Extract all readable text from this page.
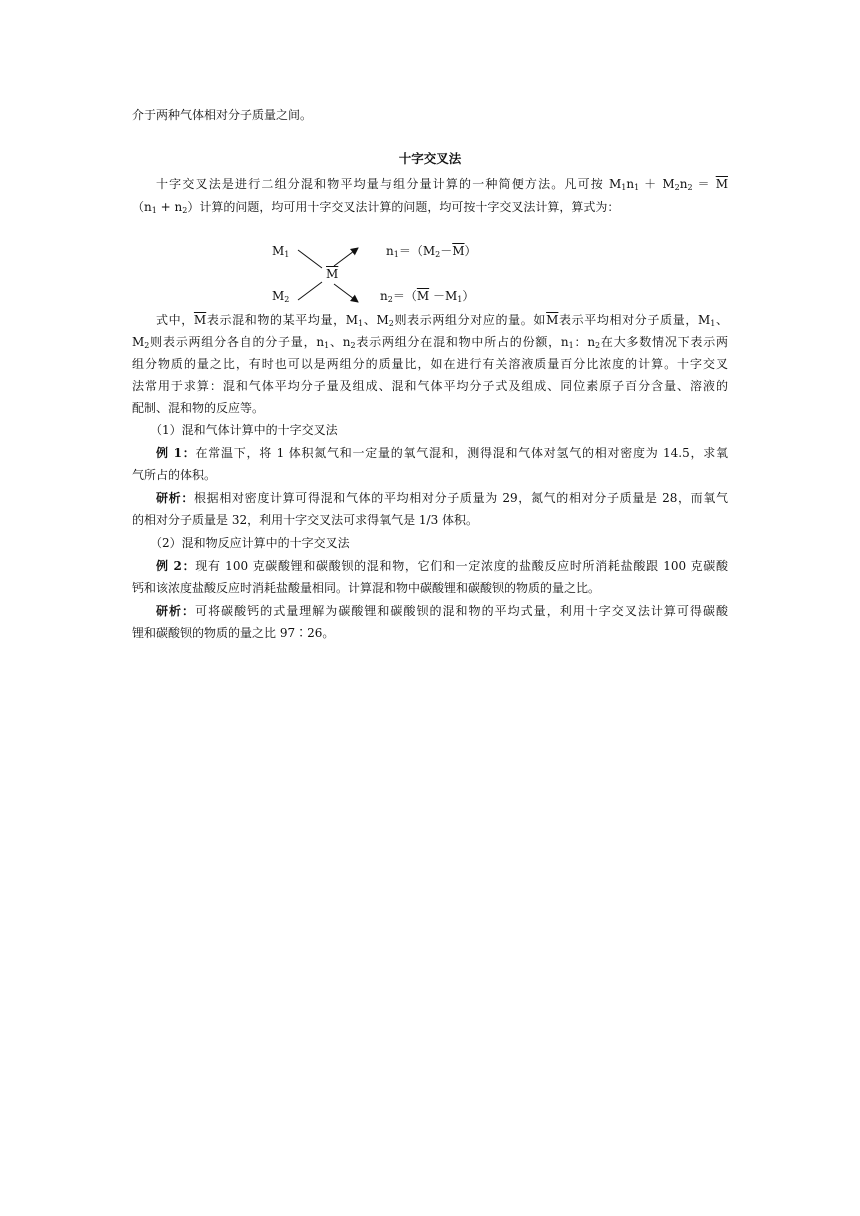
介于两种气体相对分子质量之间。
十字交叉法
十字交叉法是进行二组分混和物平均量与组分量计算的一种简便方法。凡可按 $M_1n_1 + M_2n_2 = \overline{M}$
$(n_1 + n_2)$计算的问题，均可用十字交叉法计算的问题，均可按十字交叉法计算，算式为：
$M_1$
$M_2$
$\overline{M}$
$n_1=(M_2-\overline{M})$
$n_2=(\overline{M} -M_1)$
式中，$\overline{M}$表示混和物的某平均量，$M_1$、$M_2$则表示两组分对应的量。如$\overline{M}$表示平均相对分子质量，$M_1$、
$M_2$则表示两组分各自的分子量，$n_1$、$n_2$表示两组分在混和物中所占的份额，$n_1$：$n_2$在大多数情况下表示两
组分物质的量之比，有时也可以是两组分的质量比，如在进行有关溶液质量百分比浓度的计算。十字交叉
法常用于求算：混和气体平均分子量及组成、混和气体平均分子式及组成、同位素原子百分含量、溶液的
配制、混和物的反应等。
（1）混和气体计算中的十字交叉法
例 1：在常温下，将 1 体积氮气和一定量的氧气混和，测得混和气体对氢气的相对密度为 14.5，求氧
气所占的体积。
研析：根据相对密度计算可得混和气体的平均相对分子质量为 29，氮气的相对分子质量是 28，而氧气
的相对分子质量是 32，利用十字交叉法可求得氧气是 1/3 体积。
（2）混和物反应计算中的十字交叉法
例 2：现有 100 克碳酸锂和碳酸钡的混和物，它们和一定浓度的盐酸反应时所消耗盐酸跟 100 克碳酸
钙和该浓度盐酸反应时消耗盐酸量相同。计算混和物中碳酸锂和碳酸钡的物质的量之比。
研析：可将碳酸钙的式量理解为碳酸锂和碳酸钡的混和物的平均式量，利用十字交叉法计算可得碳酸
锂和碳酸钡的物质的量之比 97∶26。
